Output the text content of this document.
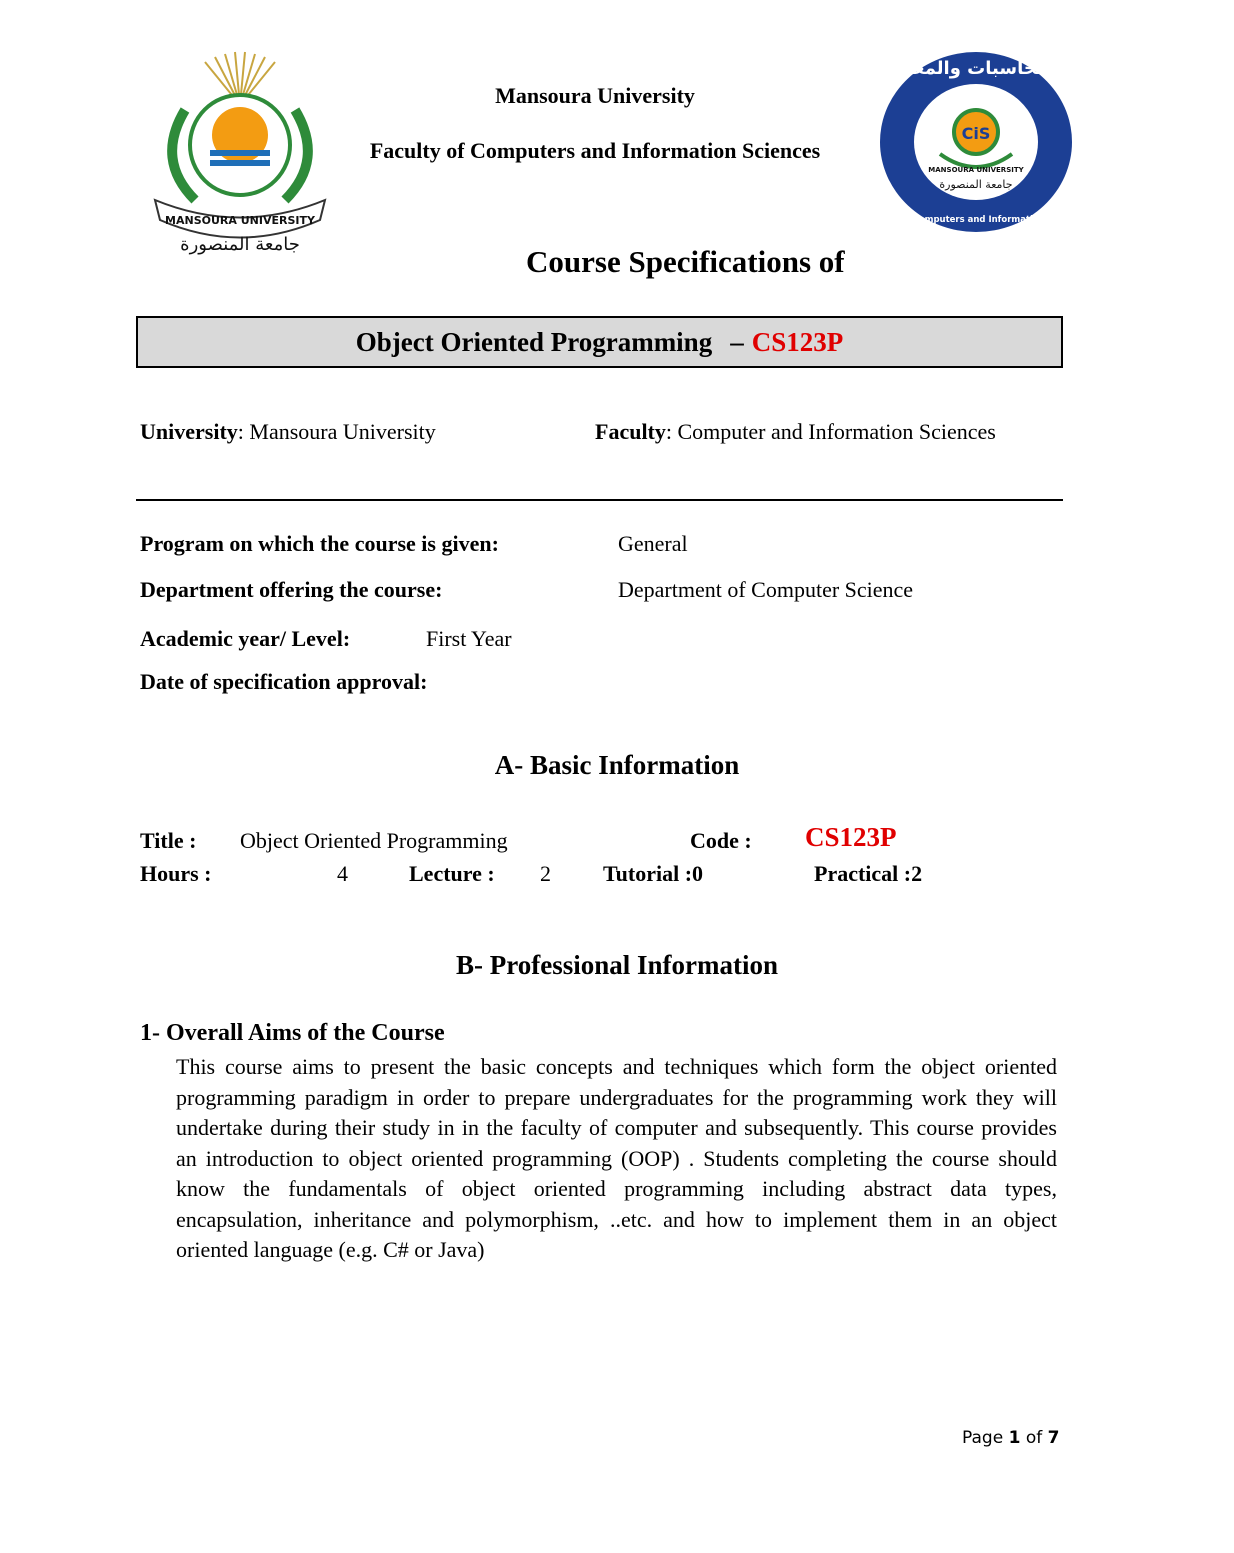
MANSOURA UNIVERSITY
جامعة المنصورة
Mansoura University
Faculty of Computers and Information Sciences
كلية الحاسبات والمعلومات
Faculty of Computers and Information Sciences
CiS
MANSOURA UNIVERSITY
جامعة المنصورة
Course Specifications of
Object Oriented Programming – CS123P
University: Mansoura University	Faculty: Computer and Information Sciences
Program on which the course is given:	General
Department offering the course:	Department of Computer Science
Academic year/ Level:	First Year
Date of specification approval:
A- Basic Information
Title : Object Oriented Programming	Code : CS123P
Hours :	4	Lecture : 2 Tutorial :0	Practical :2
B- Professional Information
1- Overall Aims of the Course
This course aims to present the basic concepts and techniques which form the object oriented programming paradigm in order to prepare undergraduates for the programming work they will undertake during their study in in the faculty of computer and subsequently. This course provides an introduction to object oriented programming (OOP) . Students completing the course should know the fundamentals of object oriented programming including abstract data types, encapsulation, inheritance and polymorphism, ..etc. and how to implement them in an object oriented language (e.g. C# or Java)
Page 1 of 7
